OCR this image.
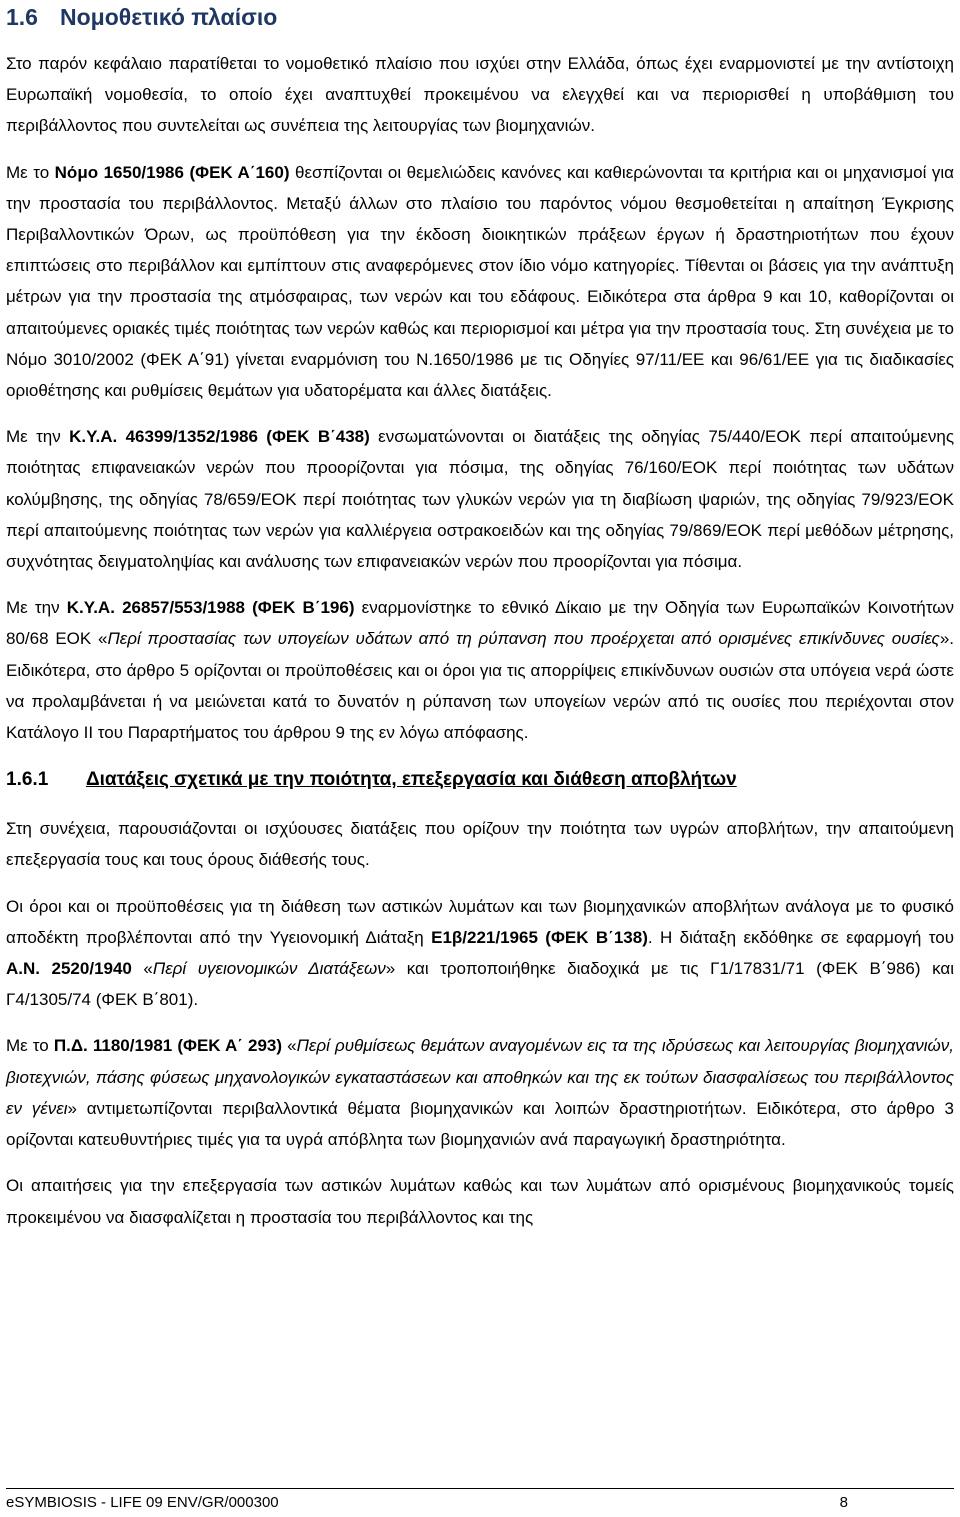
1.6 Νομοθετικό πλαίσιο

Στο παρόν κεφάλαιο παρατίθεται το νομοθετικό πλαίσιο που ισχύει στην Ελλάδα, όπως έχει εναρμονιστεί με την αντίστοιχη Ευρωπαϊκή νομοθεσία, το οποίο έχει αναπτυχθεί προκειμένου να ελεγχθεί και να περιορισθεί η υποβάθμιση του περιβάλλοντος που συντελείται ως συνέπεια της λειτουργίας των βιομηχανιών.

Με το Νόμο 1650/1986 (ΦΕΚ Α΄160) θεσπίζονται οι θεμελιώδεις κανόνες και καθιερώνονται τα κριτήρια και οι μηχανισμοί για την προστασία του περιβάλλοντος. Μεταξύ άλλων στο πλαίσιο του παρόντος νόμου θεσμοθετείται η απαίτηση Έγκρισης Περιβαλλοντικών Όρων, ως προϋπόθεση για την έκδοση διοικητικών πράξεων έργων ή δραστηριοτήτων που έχουν επιπτώσεις στο περιβάλλον και εμπίπτουν στις αναφερόμενες στον ίδιο νόμο κατηγορίες. Τίθενται οι βάσεις για την ανάπτυξη μέτρων για την προστασία της ατμόσφαιρας, των νερών και του εδάφους. Ειδικότερα στα άρθρα 9 και 10, καθορίζονται οι απαιτούμενες οριακές τιμές ποιότητας των νερών καθώς και περιορισμοί και μέτρα για την προστασία τους. Στη συνέχεια με το Νόμο 3010/2002 (ΦΕΚ Α΄91) γίνεται εναρμόνιση του Ν.1650/1986 με τις Οδηγίες 97/11/ΕΕ και 96/61/ΕΕ για τις διαδικασίες οριοθέτησης και ρυθμίσεις θεμάτων για υδατορέματα και άλλες διατάξεις.

Με την Κ.Υ.Α. 46399/1352/1986 (ΦΕΚ Β΄438) ενσωματώνονται οι διατάξεις της οδηγίας 75/440/ΕΟΚ περί απαιτούμενης ποιότητας επιφανειακών νερών που προορίζονται για πόσιμα, της οδηγίας 76/160/ΕΟΚ περί ποιότητας των υδάτων κολύμβησης, της οδηγίας 78/659/ΕΟΚ περί ποιότητας των γλυκών νερών για τη διαβίωση ψαριών, της οδηγίας 79/923/ΕΟΚ περί απαιτούμενης ποιότητας των νερών για καλλιέργεια οστρακοειδών και της οδηγίας 79/869/ΕΟΚ περί μεθόδων μέτρησης, συχνότητας δειγματοληψίας και ανάλυσης των επιφανειακών νερών που προορίζονται για πόσιμα.

Με την Κ.Υ.Α. 26857/553/1988 (ΦΕΚ Β΄196) εναρμονίστηκε το εθνικό Δίκαιο με την Οδηγία των Ευρωπαϊκών Κοινοτήτων 80/68 ΕΟΚ «Περί προστασίας των υπογείων υδάτων από τη ρύπανση που προέρχεται από ορισμένες επικίνδυνες ουσίες». Ειδικότερα, στο άρθρο 5 ορίζονται οι προϋποθέσεις και οι όροι για τις απορρίψεις επικίνδυνων ουσιών στα υπόγεια νερά ώστε να προλαμβάνεται ή να μειώνεται κατά το δυνατόν η ρύπανση των υπογείων νερών από τις ουσίες που περιέχονται στον Κατάλογο ΙΙ του Παραρτήματος του άρθρου 9 της εν λόγω απόφασης.

1.6.1 Διατάξεις σχετικά με την ποιότητα, επεξεργασία και διάθεση αποβλήτων

Στη συνέχεια, παρουσιάζονται οι ισχύουσες διατάξεις που ορίζουν την ποιότητα των υγρών αποβλήτων, την απαιτούμενη επεξεργασία τους και τους όρους διάθεσής τους.

Οι όροι και οι προϋποθέσεις για τη διάθεση των αστικών λυμάτων και των βιομηχανικών αποβλήτων ανάλογα με το φυσικό αποδέκτη προβλέπονται από την Υγειονομική Διάταξη Ε1β/221/1965 (ΦΕΚ Β΄138). Η διάταξη εκδόθηκε σε εφαρμογή του Α.Ν. 2520/1940 «Περί υγειονομικών Διατάξεων» και τροποποιήθηκε διαδοχικά με τις Γ1/17831/71 (ΦΕΚ Β΄986) και Γ4/1305/74 (ΦΕΚ Β΄801).

Με το Π.Δ. 1180/1981 (ΦΕΚ Α΄ 293) «Περί ρυθμίσεως θεμάτων αναγομένων εις τα της ιδρύσεως και λειτουργίας βιομηχανιών, βιοτεχνιών, πάσης φύσεως μηχανολογικών εγκαταστάσεων και αποθηκών και της εκ τούτων διασφαλίσεως του περιβάλλοντος εν γένει» αντιμετωπίζονται περιβαλλοντικά θέματα βιομηχανικών και λοιπών δραστηριοτήτων. Ειδικότερα, στο άρθρο 3 ορίζονται κατευθυντήριες τιμές για τα υγρά απόβλητα των βιομηχανιών ανά παραγωγική δραστηριότητα.

Οι απαιτήσεις για την επεξεργασία των αστικών λυμάτων καθώς και των λυμάτων από ορισμένους βιομηχανικούς τομείς προκειμένου να διασφαλίζεται η προστασία του περιβάλλοντος και της

eSYMBIOSIS - LIFE 09 ENV/GR/000300	8
